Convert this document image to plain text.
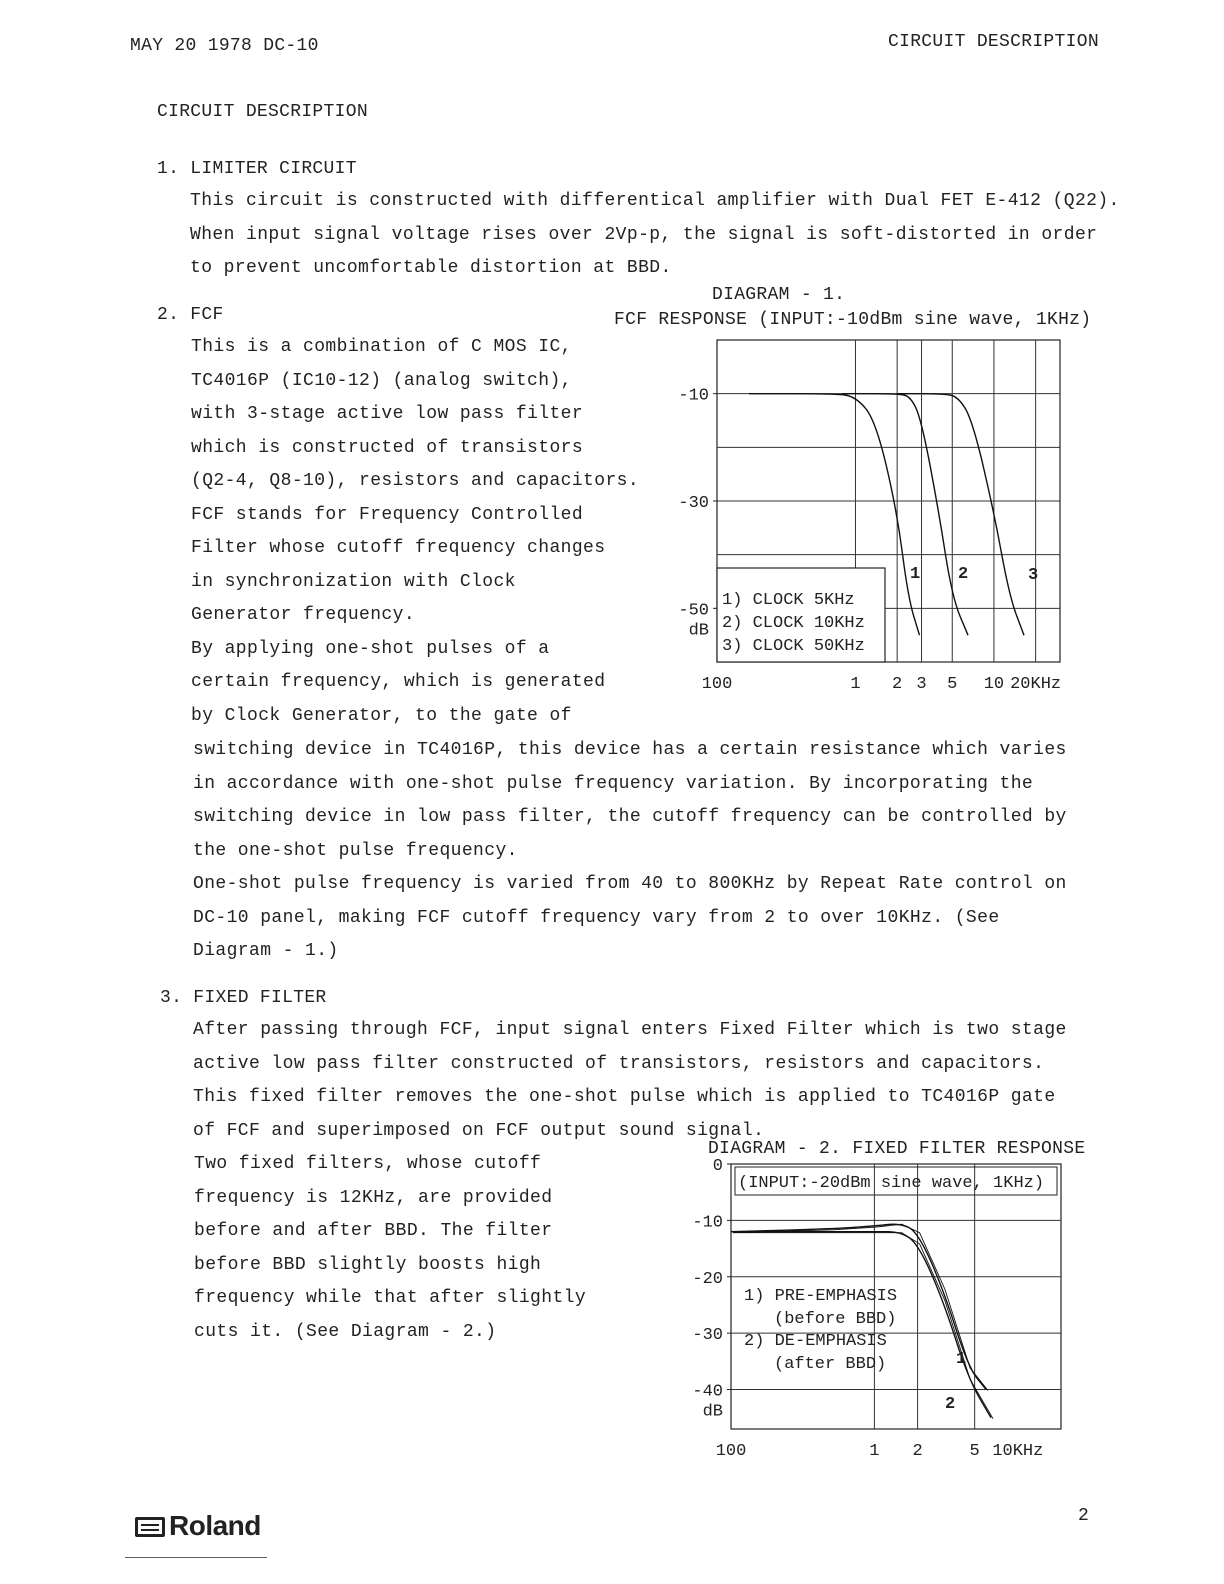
MAY 20 1978 DC-10	CIRCUIT DESCRIPTION
CIRCUIT DESCRIPTION
1. LIMITER CIRCUIT
This circuit is constructed with differentical amplifier with Dual FET E-412 (Q22).
When input signal voltage rises over 2Vp-p, the signal is soft-distorted in order
to prevent uncomfortable distortion at BBD.
2. FCF
This is a combination of C MOS IC,
TC4016P (IC10-12) (analog switch),
with 3-stage active low pass filter
which is constructed of transistors
(Q2-4, Q8-10), resistors and capacitors.
FCF stands for Frequency Controlled
Filter whose cutoff frequency changes
in synchronization with Clock
Generator frequency.
By applying one-shot pulses of a
certain frequency, which is generated
by Clock Generator, to the gate of
switching device in TC4016P, this device has a certain resistance which varies
in accordance with one-shot pulse frequency variation. By incorporating the
switching device in low pass filter, the cutoff frequency can be controlled by
the one-shot pulse frequency.
One-shot pulse frequency is varied from 40 to 800KHz by Repeat Rate control on
DC-10 panel, making FCF cutoff frequency vary from 2 to over 10KHz. (See
Diagram - 1.)
3. FIXED FILTER
After passing through FCF, input signal enters Fixed Filter which is two stage
active low pass filter constructed of transistors, resistors and capacitors.
This fixed filter removes the one-shot pulse which is applied to TC4016P gate
of FCF and superimposed on FCF output sound signal.
Two fixed filters, whose cutoff
frequency is 12KHz, are provided
before and after BBD. The filter
before BBD slightly boosts high
frequency while that after slightly
cuts it. (See Diagram - 2.)
DIAGRAM - 1.
FCF RESPONSE (INPUT:-10dBm sine wave, 1KHz)
-10
-30
-50
dB
100	1 2 3 5 10 20KHz
1) CLOCK 5KHz
2) CLOCK 10KHz
3) CLOCK 50KHz
1 2	3
DIAGRAM - 2. FIXED FILTER RESPONSE
0
-10
-20
-30
-40
dB
100	1 2	5 10KHz
1) PRE-EMPHASIS
(before BBD)
2) DE-EMPHASIS
(after BBD)	1
2
(INPUT:-20dBm sine wave, 1KHz)
Roland	2
